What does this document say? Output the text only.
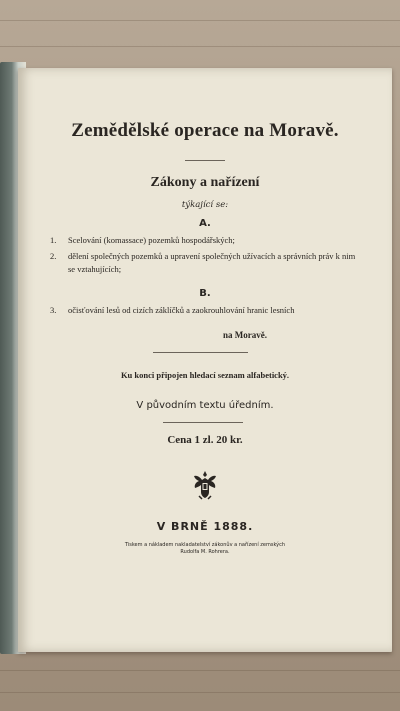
Zemědělské operace na Moravě.
Zákony a nařízení
týkající se:
A.
1. Scelování (komassace) pozemků hospodářských;
2. dělení společných pozemků a upravení společných užívacích a správních práv k nim se vztahujících;
B.
3. očisťování lesů od cizích záklíčků a zaokrouhlování hranic lesních
na Moravě.
Ku konci připojen hledací seznam alfabetický.
V původním textu úředním.
Cena 1 zl. 20 kr.
V BRNĚ 1888.
Tiskem a nákladem nakladatelství zákonův a nařízení zemských
Rudolfa M. Rohrera.
